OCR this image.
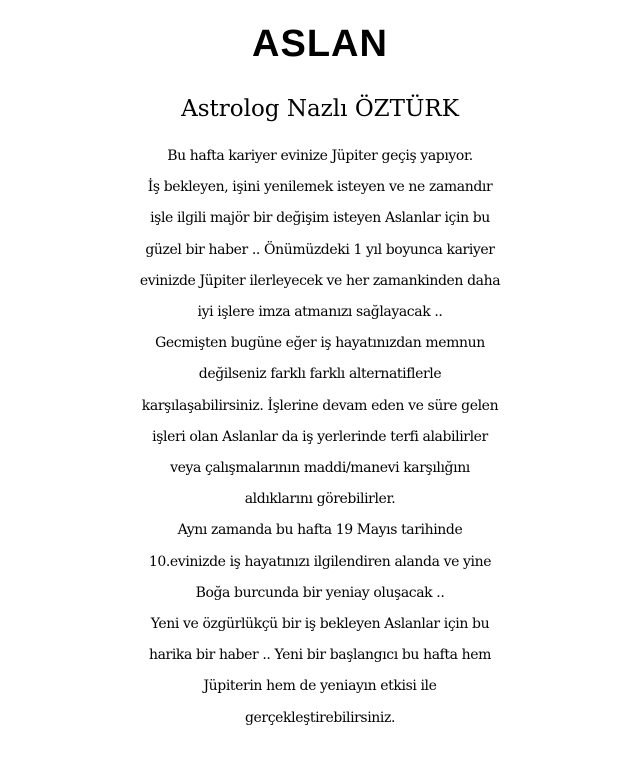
ASLAN
Astrolog Nazlı ÖZTÜRK
Bu hafta kariyer evinize Jüpiter geçiş yapıyor.
İş bekleyen, işini yenilemek isteyen ve ne zamandır
işle ilgili majör bir değişim isteyen Aslanlar için bu
güzel bir haber .. Önümüzdeki 1 yıl boyunca kariyer
evinizde Jüpiter ilerleyecek ve her zamankinden daha
iyi işlere imza atmanızı sağlayacak ..
Gecmişten bugüne eğer iş hayatınızdan memnun
değilseniz farklı farklı alternatiflerle
karşılaşabilirsiniz. İşlerine devam eden ve süre gelen
işleri olan Aslanlar da iş yerlerinde terfi alabilirler
veya çalışmalarının maddi/manevi karşılığını
aldıklarını görebilirler.
Aynı zamanda bu hafta 19 Mayıs tarihinde
10.evinizde iş hayatınızı ilgilendiren alanda ve yine
Boğa burcunda bir yeniay oluşacak ..
Yeni ve özgürlükçü bir iş bekleyen Aslanlar için bu
harika bir haber .. Yeni bir başlangıcı bu hafta hem
Jüpiterin hem de yeniayın etkisi ile
gerçekleştirebilirsiniz.
